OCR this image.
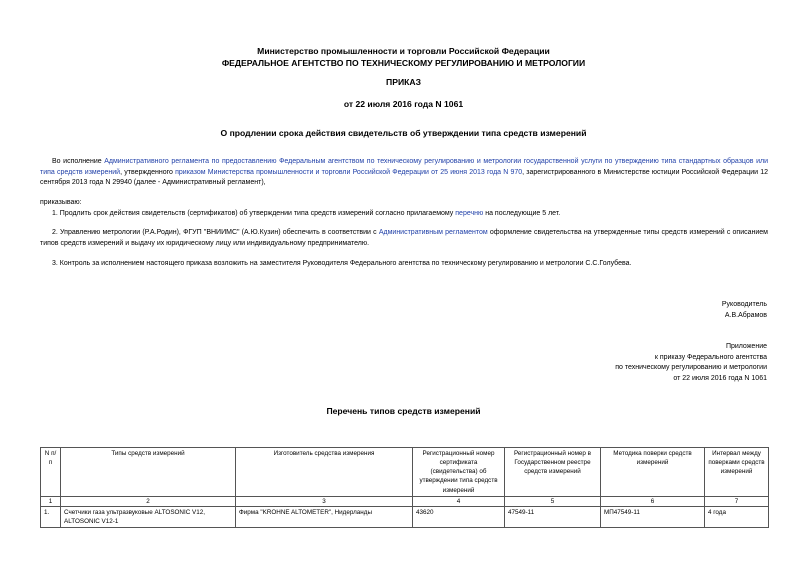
Министерство промышленности и торговли Российской Федерации
ФЕДЕРАЛЬНОЕ АГЕНТСТВО ПО ТЕХНИЧЕСКОМУ РЕГУЛИРОВАНИЮ И МЕТРОЛОГИИ
ПРИКАЗ
от 22 июля 2016 года N 1061
О продлении срока действия свидетельств об утверждении типа средств измерений
Во исполнение Административного регламента по предоставлению Федеральным агентством по техническому регулированию и метрологии государственной услуги по утверждению типа стандартных образцов или типа средств измерений, утвержденного приказом Министерства промышленности и торговли Российской Федерации от 25 июня 2013 года N 970, зарегистрированного в Министерстве юстиции Российской Федерации 12 сентября 2013 года N 29940 (далее - Административный регламент),
приказываю:
1. Продлить срок действия свидетельств (сертификатов) об утверждении типа средств измерений согласно прилагаемому перечню на последующие 5 лет.
2. Управлению метрологии (Р.А.Родин), ФГУП "ВНИИМС" (А.Ю.Кузин) обеспечить в соответствии с Административным регламентом оформление свидетельства на утвержденные типы средств измерений с описанием типов средств измерений и выдачу их юридическому лицу или индивидуальному предпринимателю.
3. Контроль за исполнением настоящего приказа возложить на заместителя Руководителя Федерального агентства по техническому регулированию и метрологии С.С.Голубева.
Руководитель
А.В.Абрамов
Приложение
к приказу Федерального агентства
по техническому регулированию и метрологии
от 22 июля 2016 года N 1061
Перечень типов средств измерений
N п/п	Типы средств измерений	Изготовитель средства измерения	Регистрационный номер сертификата (свидетельства) об утверждении типа средств измерений	Регистрационный номер в Государственном реестре средств измерений	Методика поверки средств измерений	Интервал между поверками средств измерений
1	2	3	4	5	6	7
1.	Счетчики газа ультразвуковые ALTOSONIC V12, ALTOSONIC V12-1	Фирма "KROHNE ALTOMETER", Нидерланды	43620	47549-11	МП47549-11	4 года
